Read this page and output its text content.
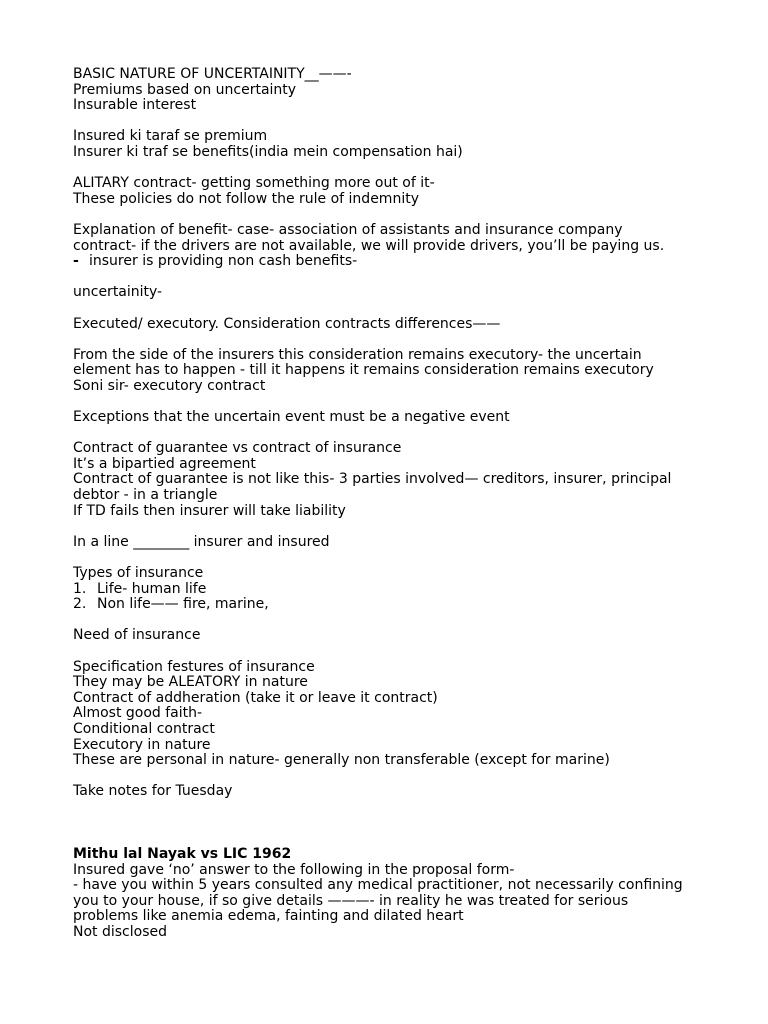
BASIC NATURE OF UNCERTAINITY__——-
Premiums based on uncertainty
Insurable interest
Insured ki taraf se premium
Insurer ki traf se benefits(india mein compensation hai)
ALITARY contract- getting something more out of it-
These policies do not follow the rule of indemnity
Explanation of benefit- case- association of assistants and insurance company
contract- if the drivers are not available, we will provide drivers, you’ll be paying us.
- insurer is providing non cash benefits-
uncertainity-
Executed/ executory. Consideration contracts differences——
From the side of the insurers this consideration remains executory- the uncertain
element has to happen - till it happens it remains consideration remains executory
Soni sir- executory contract
Exceptions that the uncertain event must be a negative event
Contract of guarantee vs contract of insurance
It’s a bipartied agreement
Contract of guarantee is not like this- 3 parties involved— creditors, insurer, principal
debtor - in a triangle
If TD fails then insurer will take liability
In a line ________ insurer and insured
Types of insurance
1. Life- human life
2. Non life—— fire, marine,
Need of insurance
Specification festures of insurance
They may be ALEATORY in nature
Contract of addheration (take it or leave it contract)
Almost good faith-
Conditional contract
Executory in nature
These are personal in nature- generally non transferable (except for marine)
Take notes for Tuesday
Mithu lal Nayak vs LIC 1962
Insured gave ‘no’ answer to the following in the proposal form-
- have you within 5 years consulted any medical practitioner, not necessarily confining
you to your house, if so give details ———- in reality he was treated for serious
problems like anemia edema, fainting and dilated heart
Not disclosed
